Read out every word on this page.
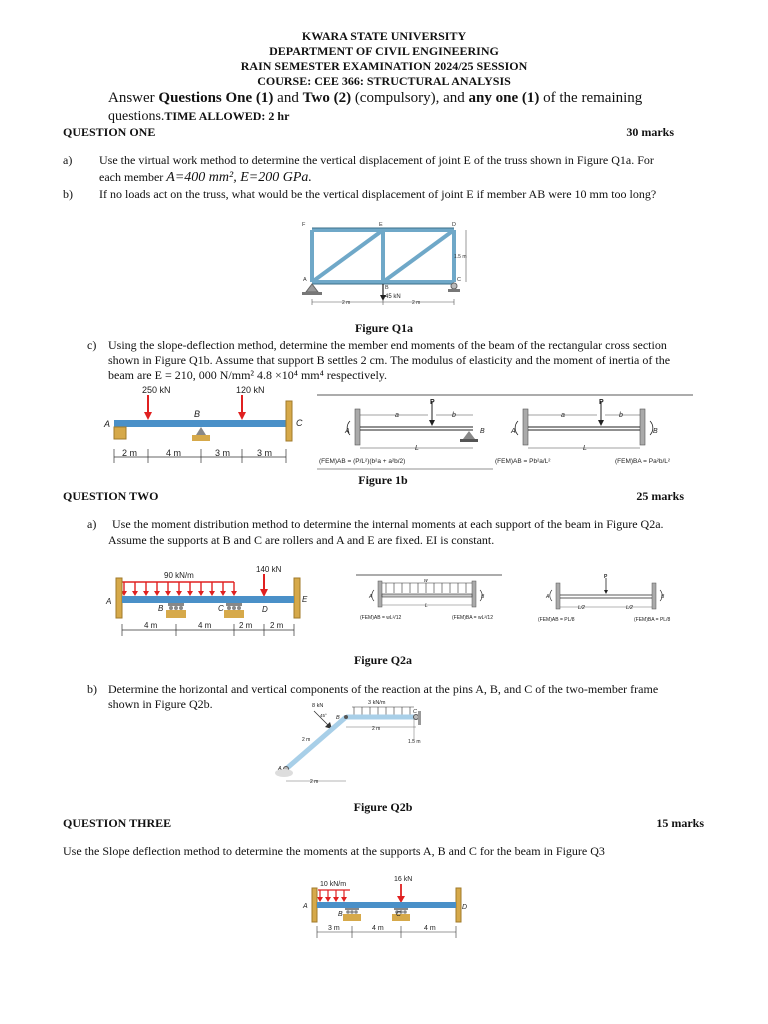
KWARA STATE UNIVERSITY
DEPARTMENT OF CIVIL ENGINEERING
RAIN SEMESTER EXAMINATION 2024/25 SESSION
COURSE: CEE 366: STRUCTURAL ANALYSIS
Answer Questions One (1) and Two (2) (compulsory), and any one (1) of the remaining
questions.TIME ALLOWED: 2 hr
QUESTION ONE	30 marks
a) Use the virtual work method to determine the vertical displacement of joint E of the truss shown in Figure Q1a. For
each member A=400 mm², E=200 GPa.
b) If no loads act on the truss, what would be the vertical displacement of joint E if member AB were 10 mm too long?
F	E	D
A
B
C
45 kN
1.5 m
2 m	2 m
Figure Q1a
c) Using the slope-deflection method, determine the member end moments of the beam of the rectangular cross section
shown in Figure Q1b. Assume that support B settles 2 cm. The modulus of elasticity and the moment of inertia of the
beam are E = 210, 000 N/mm² 4.8 ×10⁴ mm⁴ respectively.
250 kN	120 kN
A
B
C
2 m	4 m	3 m	3 m
A	B
P
a	b
L
(FEM)AB = (P/L²)(b²a + a²b/2)
A	B
P
a	b
L
(FEM)AB = Pb²a/L²	(FEM)BA = Pa²b/L²
Figure 1b
QUESTION TWO	25 marks
a) Use the moment distribution method to determine the internal moments at each support of the beam in Figure Q2a.
Assume the supports at B and C are rollers and A and E are fixed. EI is constant.
90 kN/m
140 kN
A
B	C	D
E
4 m	4 m	2 m 2 m
w
A	B
L
(FEM)AB = wL²/12	(FEM)BA = wL²/12
P
A	B
L/2	L/2
(FEM)AB = PL/8	(FEM)BA = PL/8
Figure Q2a
b) Determine the horizontal and vertical components of the reaction at the pins A, B, and C of the two-member frame
shown in Figure Q2b.	8 kN	3 kN/m
45° B
C
A
2 m
2 m	1.5 m
2 m
Figure Q2b
QUESTION THREE	15 marks
Use the Slope deflection method to determine the moments at the supports A, B and C for the beam in Figure Q3
10 kN/m
16 kN
A
B	C
D
3 m	4 m	4 m
